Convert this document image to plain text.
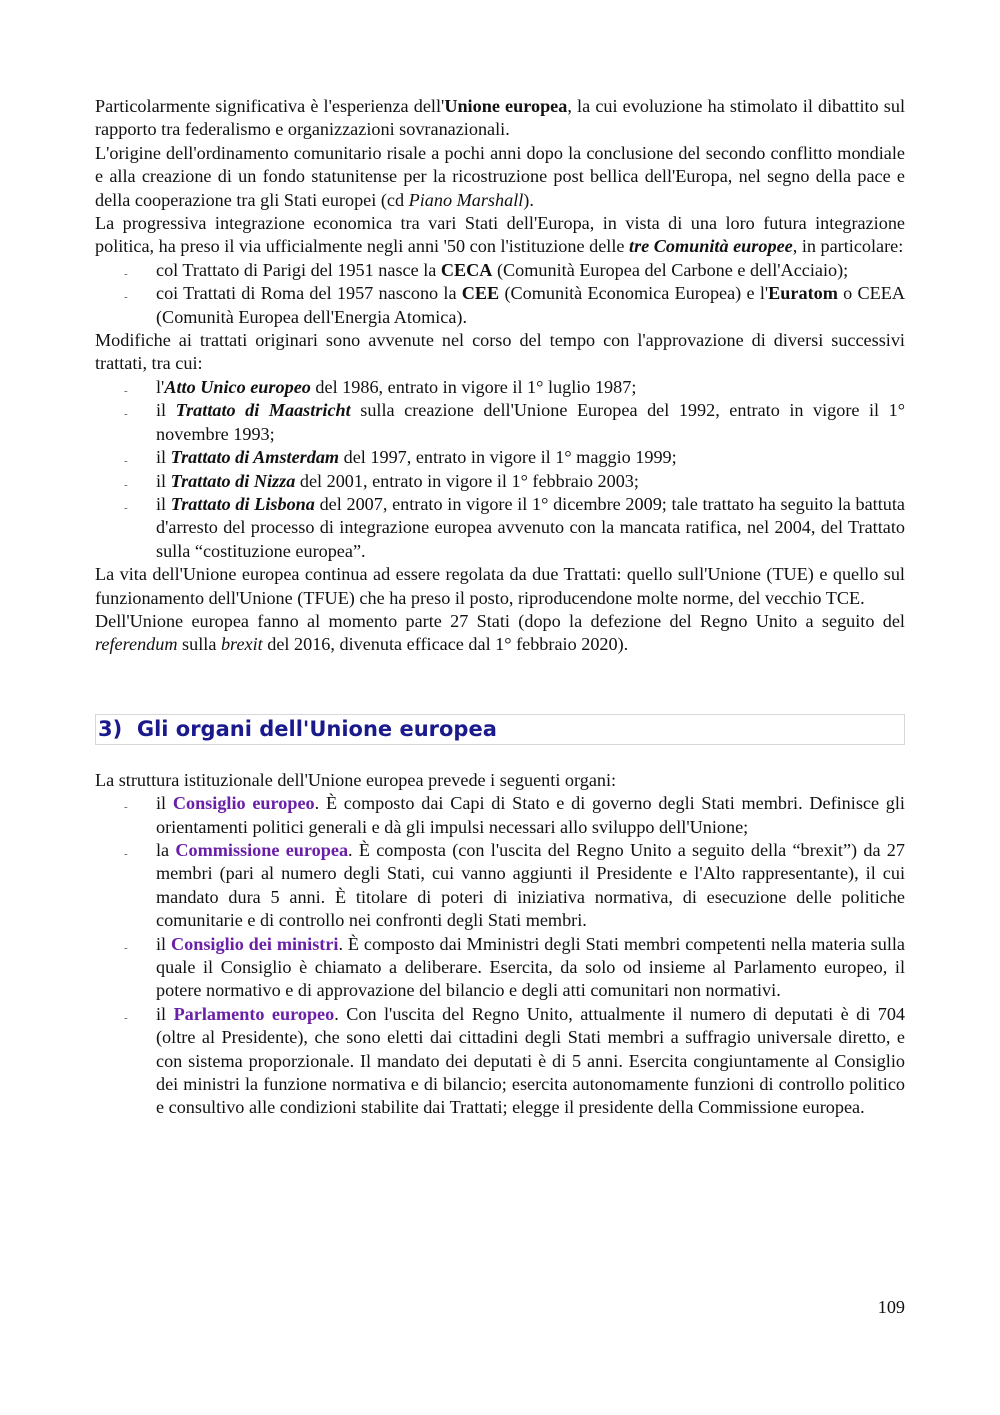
Particolarmente significativa è l'esperienza dell'Unione europea, la cui evoluzione ha stimolato il dibattito sul rapporto tra federalismo e organizzazioni sovranazionali.

L'origine dell'ordinamento comunitario risale a pochi anni dopo la conclusione del secondo conflitto mondiale e alla creazione di un fondo statunitense per la ricostruzione post bellica dell'Europa, nel segno della pace e della cooperazione tra gli Stati europei (cd Piano Marshall).

La progressiva integrazione economica tra vari Stati dell'Europa, in vista di una loro futura integrazione politica, ha preso il via ufficialmente negli anni '50 con l'istituzione delle tre Comunità europee, in particolare:

‐
col Trattato di Parigi del 1951 nasce la CECA (Comunità Europea del Carbone e dell'Acciaio);
‐
coi Trattati di Roma del 1957 nascono la CEE (Comunità Economica Europea) e l'Euratom o CEEA (Comunità Europea dell'Energia Atomica).

Modifiche ai trattati originari sono avvenute nel corso del tempo con l'approvazione di diversi successivi trattati, tra cui:

‐
l'Atto Unico europeo del 1986, entrato in vigore il 1° luglio 1987;
‐
il Trattato di Maastricht sulla creazione dell'Unione Europea del 1992, entrato in vigore il 1° novembre 1993;
‐
il Trattato di Amsterdam del 1997, entrato in vigore il 1° maggio 1999;
‐
il Trattato di Nizza del 2001, entrato in vigore il 1° febbraio 2003;
‐
il Trattato di Lisbona del 2007, entrato in vigore il 1° dicembre 2009; tale trattato ha seguito la battuta d'arresto del processo di integrazione europea avvenuto con la mancata ratifica, nel 2004, del Trattato sulla “costituzione europea”.

La vita dell'Unione europea continua ad essere regolata da due Trattati: quello sull'Unione (TUE) e quello sul funzionamento dell'Unione (TFUE) che ha preso il posto, riproducendone molte norme, del vecchio TCE.

Dell'Unione europea fanno al momento parte 27 Stati (dopo la defezione del Regno Unito a seguito del referendum sulla brexit del 2016, divenuta efficace dal 1° febbraio 2020).

3)  Gli organi dell'Unione europea

La struttura istituzionale dell'Unione europea prevede i seguenti organi:

‐
il Consiglio europeo. È composto dai Capi di Stato e di governo degli Stati membri. Definisce gli orientamenti politici generali e dà gli impulsi necessari allo sviluppo dell'Unione;
‐
la Commissione europea. È composta (con l'uscita del Regno Unito a seguito della “brexit”) da 27 membri (pari al numero degli Stati, cui vanno aggiunti il Presidente e l'Alto rappresentante), il cui mandato dura 5 anni. È titolare di poteri di iniziativa normativa, di esecuzione delle politiche comunitarie e di controllo nei confronti degli Stati membri.
‐
il Consiglio dei ministri. È composto dai Mministri degli Stati membri competenti nella materia sulla quale il Consiglio è chiamato a deliberare. Esercita, da solo od insieme al Parlamento europeo, il potere normativo e di approvazione del bilancio e degli atti comunitari non normativi.
‐
il Parlamento europeo. Con l'uscita del Regno Unito, attualmente il numero di deputati è di 704 (oltre al Presidente), che sono eletti dai cittadini degli Stati membri a suffragio universale diretto, e con sistema proporzionale. Il mandato dei deputati è di 5 anni. Esercita congiuntamente al Consiglio dei ministri la funzione normativa e di bilancio; esercita autonomamente funzioni di controllo politico e consultivo alle condizioni stabilite dai Trattati; elegge il presidente della Commissione europea.
109
